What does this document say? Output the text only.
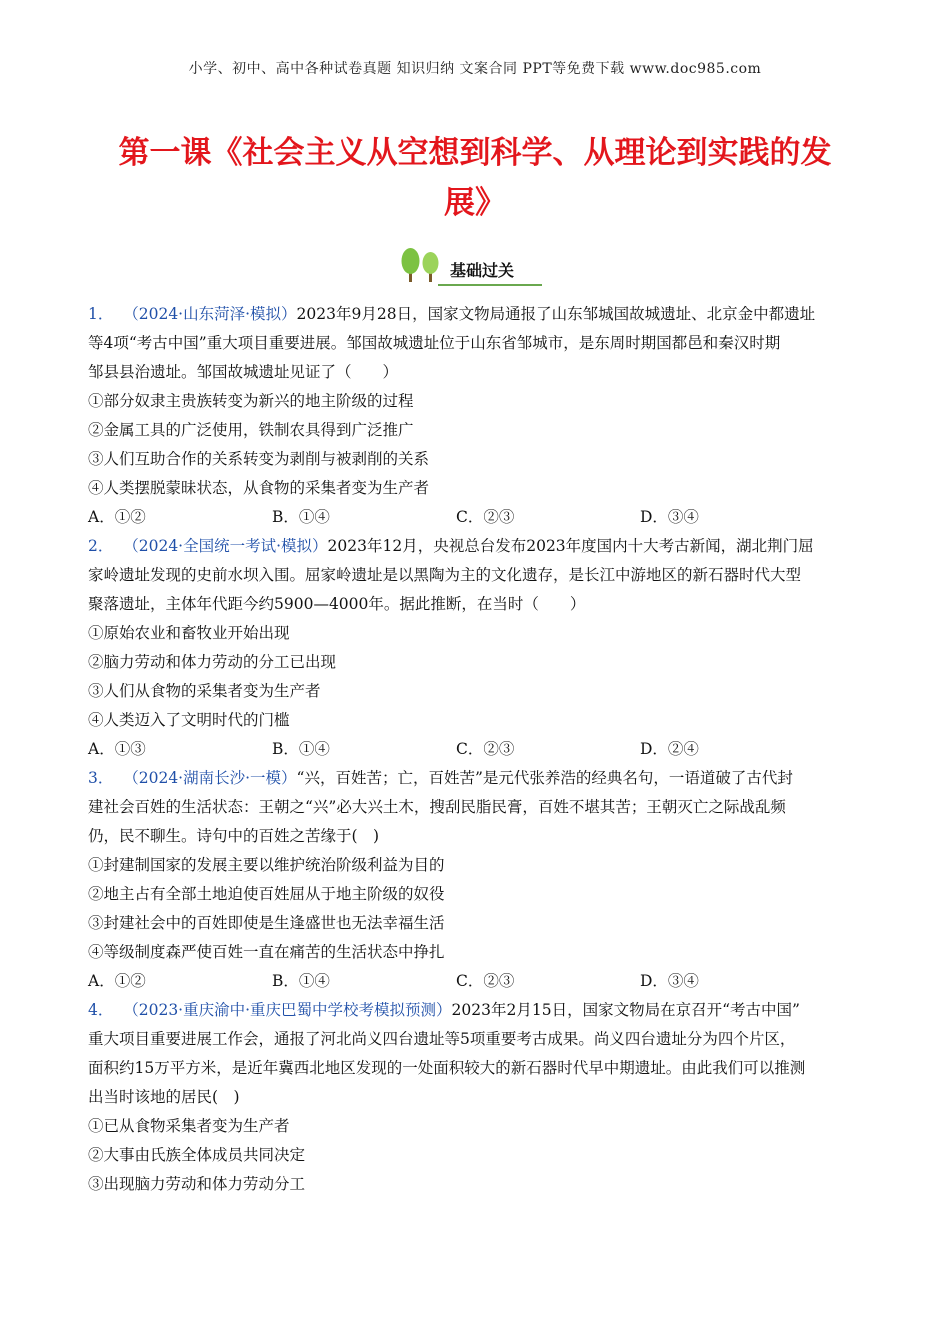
小学、初中、高中各种试卷真题 知识归纳 文案合同 PPT等免费下载 www.doc985.com
第一课《社会主义从空想到科学、从理论到实践的发
展》
基础过关
1． （2024·山东菏泽·模拟）2023年9月28日，国家文物局通报了山东邹城国故城遗址、北京金中都遗址
等4项“考古中国”重大项目重要进展。邹国故城遗址位于山东省邹城市，是东周时期国都邑和秦汉时期
邹县县治遗址。邹国故城遗址见证了（　　）
①部分奴隶主贵族转变为新兴的地主阶级的过程
②金属工具的广泛使用，铁制农具得到广泛推广
③人们互助合作的关系转变为剥削与被剥削的关系
④人类摆脱蒙昧状态，从食物的采集者变为生产者
A．①②	B．①④	C．②③	D．③④
2． （2024·全国统一考试·模拟）2023年12月，央视总台发布2023年度国内十大考古新闻，湖北荆门屈
家岭遗址发现的史前水坝入围。屈家岭遗址是以黑陶为主的文化遗存，是长江中游地区的新石器时代大型
聚落遗址，主体年代距今约5900—4000年。据此推断，在当时（　　）
①原始农业和畜牧业开始出现
②脑力劳动和体力劳动的分工已出现
③人们从食物的采集者变为生产者
④人类迈入了文明时代的门槛
A．①③	B．①④	C．②③	D．②④
3． （2024·湖南长沙·一模）“兴，百姓苦；亡，百姓苦”是元代张养浩的经典名句，一语道破了古代封
建社会百姓的生活状态：王朝之“兴”必大兴土木，搜刮民脂民膏，百姓不堪其苦；王朝灭亡之际战乱频
仍，民不聊生。诗句中的百姓之苦缘于(　)
①封建制国家的发展主要以维护统治阶级利益为目的
②地主占有全部土地迫使百姓屈从于地主阶级的奴役
③封建社会中的百姓即使是生逢盛世也无法幸福生活
④等级制度森严使百姓一直在痛苦的生活状态中挣扎
A．①②	B．①④	C．②③	D．③④
4． （2023·重庆渝中·重庆巴蜀中学校考模拟预测）2023年2月15日，国家文物局在京召开“考古中国”
重大项目重要进展工作会，通报了河北尚义四台遗址等5项重要考古成果。尚义四台遗址分为四个片区，
面积约15万平方米，是近年冀西北地区发现的一处面积较大的新石器时代早中期遗址。由此我们可以推测
出当时该地的居民(　)
①已从食物采集者变为生产者
②大事由氏族全体成员共同决定
③出现脑力劳动和体力劳动分工
